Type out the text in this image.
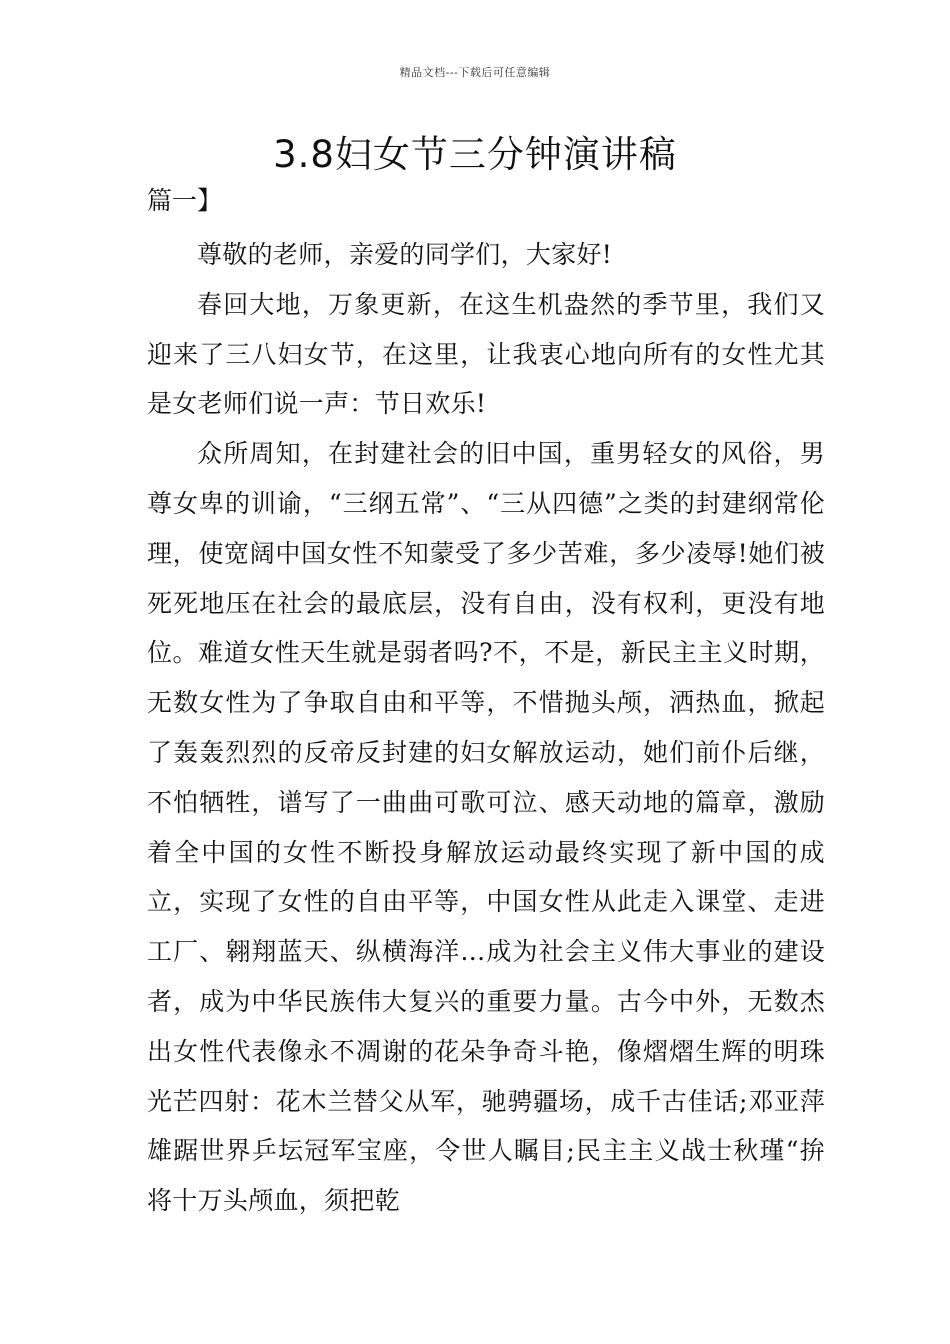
精品文档---下载后可任意编辑
3.8妇女节三分钟演讲稿
篇一】

尊敬的老师，亲爱的同学们，大家好!

春回大地，万象更新，在这生机盎然的季节里，我们又迎来了三八妇女节，在这里，让我衷心地向所有的女性尤其是女老师们说一声：节日欢乐!

众所周知，在封建社会的旧中国，重男轻女的风俗，男尊女卑的训谕，“三纲五常”、“三从四德”之类的封建纲常伦理，使宽阔中国女性不知蒙受了多少苦难，多少凌辱!她们被死死地压在社会的最底层，没有自由，没有权利，更没有地位。难道女性天生就是弱者吗?不，不是，新民主主义时期，无数女性为了争取自由和平等，不惜抛头颅，洒热血，掀起了轰轰烈烈的反帝反封建的妇女解放运动，她们前仆后继，不怕牺牲，谱写了一曲曲可歌可泣、感天动地的篇章，激励着全中国的女性不断投身解放运动最终实现了新中国的成立，实现了女性的自由平等，中国女性从此走入课堂、走进工厂、翱翔蓝天、纵横海洋…成为社会主义伟大事业的建设者，成为中华民族伟大复兴的重要力量。古今中外，无数杰出女性代表像永不凋谢的花朵争奇斗艳，像熠熠生辉的明珠光芒四射：花木兰替父从军，驰骋疆场，成千古佳话;邓亚萍雄踞世界乒坛冠军宝座，令世人瞩目;民主主义战士秋瑾“拚将十万头颅血，须把乾
